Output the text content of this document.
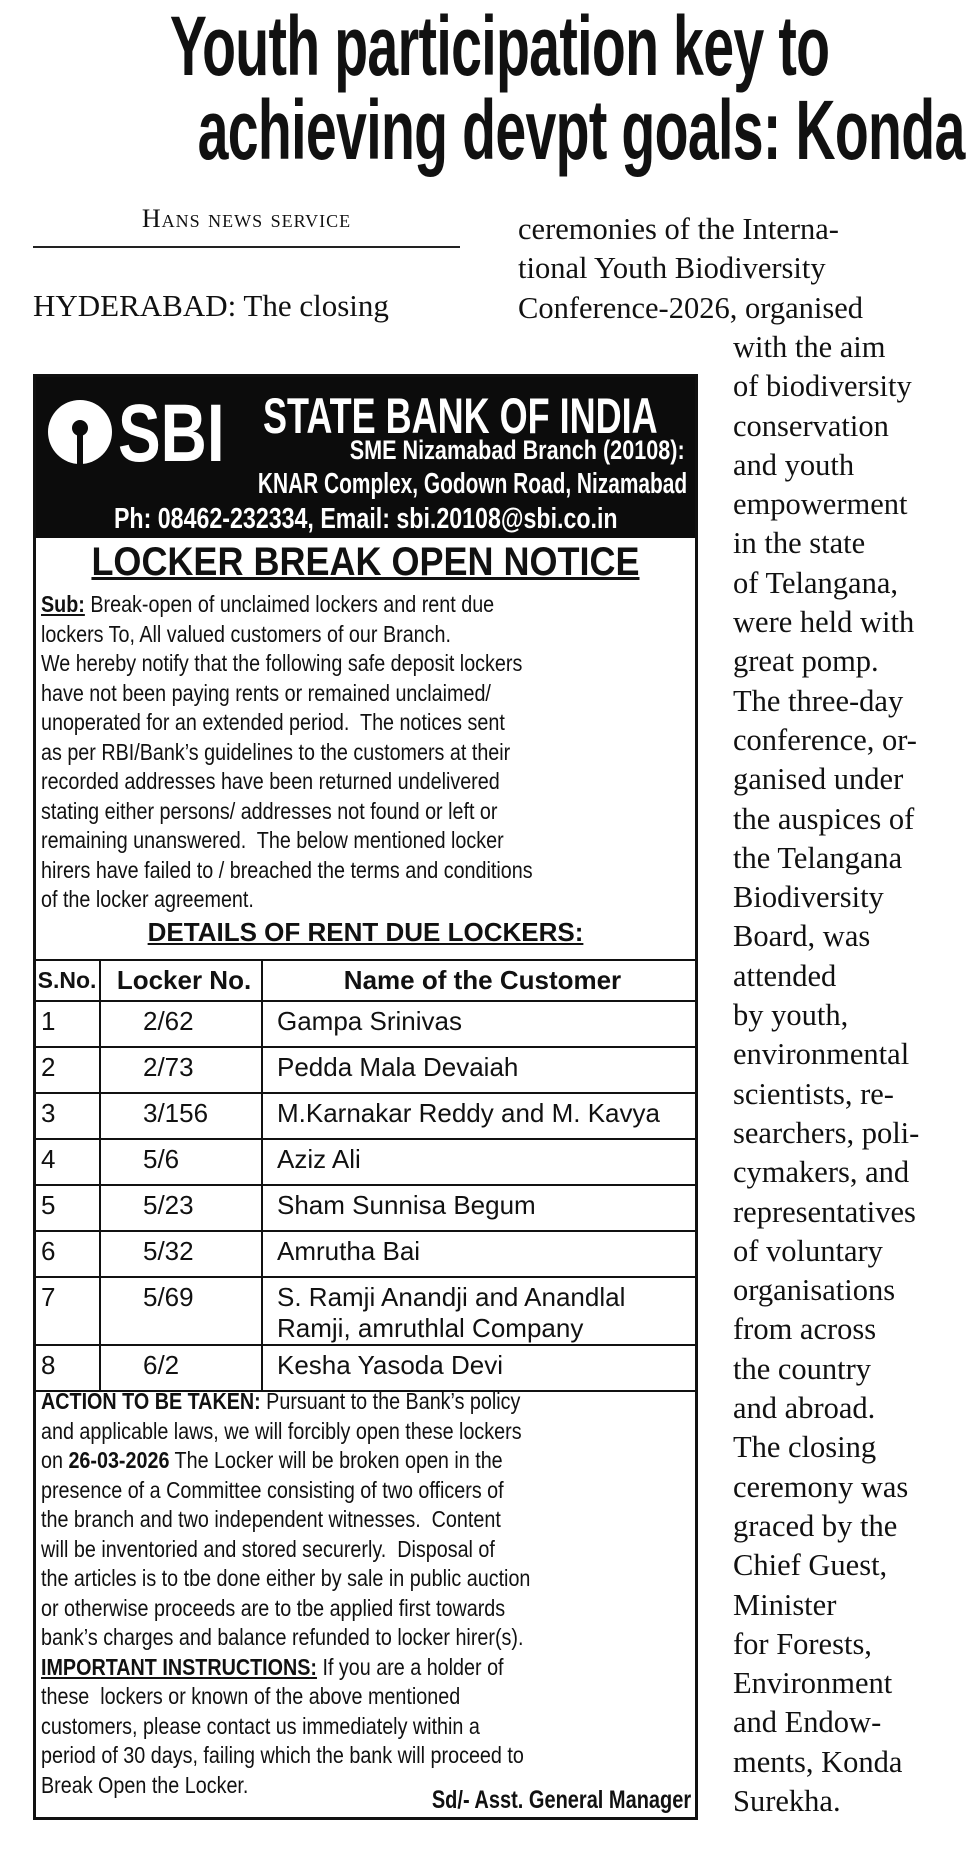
Youth participation key to
achieving devpt goals: Konda
Hans news service
HYDERABAD: The closing
ceremonies of the Interna-
tional Youth Biodiversity
Conference-2026, organised
with the aim
of biodiversity
conservation
and youth
empowerment
in the state
of Telangana,
were held with
great pomp.
The three-day
conference, or-
ganised under
the auspices of
the Telangana
Biodiversity
Board, was
attended
by youth,
environmental
scientists, re-
searchers, poli-
cymakers, and
representatives
of voluntary
organisations
from across
the country
and abroad.
The closing
ceremony was
graced by the
Chief Guest,
Minister
for Forests,
Environment
and Endow-
ments, Konda
Surekha.
SBI STATE BANK OF INDIA
SME Nizamabad Branch (20108):
KNAR Complex, Godown Road, Nizamabad
Ph: 08462-232334, Email: sbi.20108@sbi.co.in
LOCKER BREAK OPEN NOTICE
Sub: Break-open of unclaimed lockers and rent due
lockers To, All valued customers of our Branch.
We hereby notify that the following safe deposit lockers
have not been paying rents or remained unclaimed/
unoperated for an extended period.  The notices sent
as per RBI/Bank’s guidelines to the customers at their
recorded addresses have been returned undelivered
stating either persons/ addresses not found or left or
remaining unanswered.  The below mentioned locker
hirers have failed to / breached the terms and conditions
of the locker agreement.
DETAILS OF RENT DUE LOCKERS:
S.No.	Locker No.	Name of the Customer
1	2/62	Gampa Srinivas
2	2/73	Pedda Mala Devaiah
3	3/156	M.Karnakar Reddy and M. Kavya
4	5/6	Aziz Ali
5	5/23	Sham Sunnisa Begum
6	5/32	Amrutha Bai
7	5/69	S. Ramji Anandji and Anandlal Ramji, amruthlal Company
8	6/2	Kesha Yasoda Devi
ACTION TO BE TAKEN: Pursuant to the Bank’s policy
and applicable laws, we will forcibly open these lockers
on 26-03-2026 The Locker will be broken open in the
presence of a Committee consisting of two officers of
the branch and two independent witnesses.  Content
will be inventoried and stored securerly.  Disposal of
the articles is to tbe done either by sale in public auction
or otherwise proceeds are to tbe applied first towards
bank’s charges and balance refunded to locker hirer(s).
IMPORTANT INSTRUCTIONS: If you are a holder of
these  lockers or known of the above mentioned
customers, please contact us immediately within a
period of 30 days, failing which the bank will proceed to
Break Open the Locker.
Sd/- Asst. General Manager
